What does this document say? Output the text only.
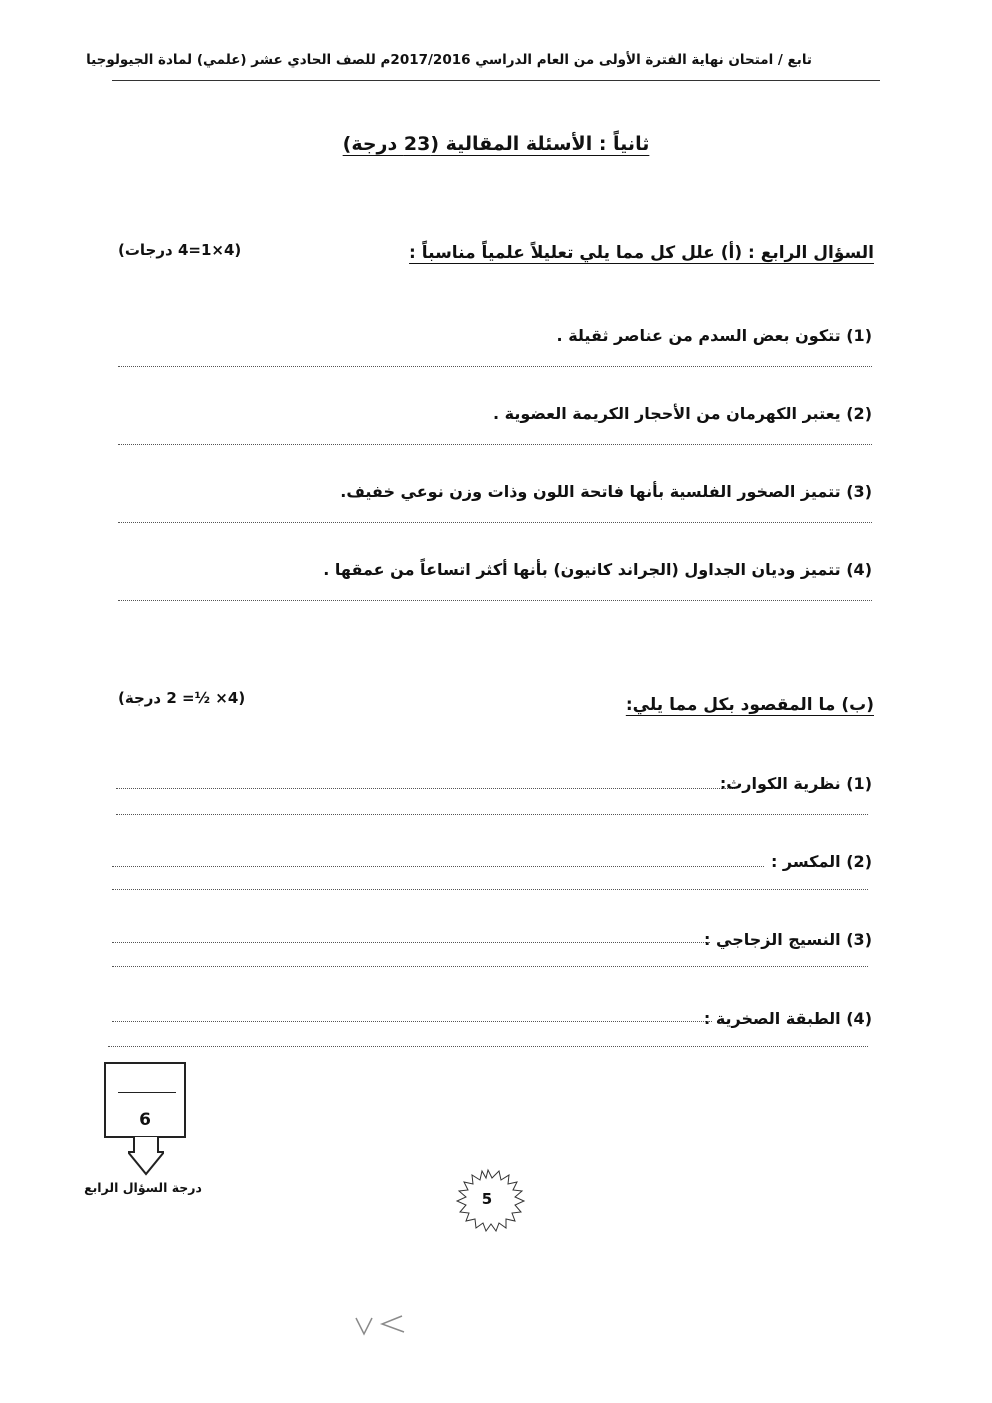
تابع / امتحان نهاية الفترة الأولى من العام الدراسي 2017/2016م للصف الحادي عشر (علمي) لمادة الجيولوجيا
ثانياً : الأسئلة المقالية (23 درجة)
السؤال الرابع : (أ) علل كل مما يلي تعليلاً علمياً مناسباً :
(4×1=4 درجات)
(1) تتكون بعض السدم من عناصر ثقيلة .
(2) يعتبر الكهرمان من الأحجار الكريمة العضوية .
(3) تتميز الصخور الفلسية بأنها فاتحة اللون وذات وزن نوعي خفيف.
(4) تتميز وديان الجداول (الجراند كانيون) بأنها أكثر اتساعاً من عمقها .
(ب) ما المقصود بكل مما يلي:
(4× ½= 2 درجة)
(1) نظرية الكوارث:
(2) المكسر :
(3) النسيج الزجاجي :
(4) الطبقة الصخرية :
6
درجة السؤال الرابع
5
